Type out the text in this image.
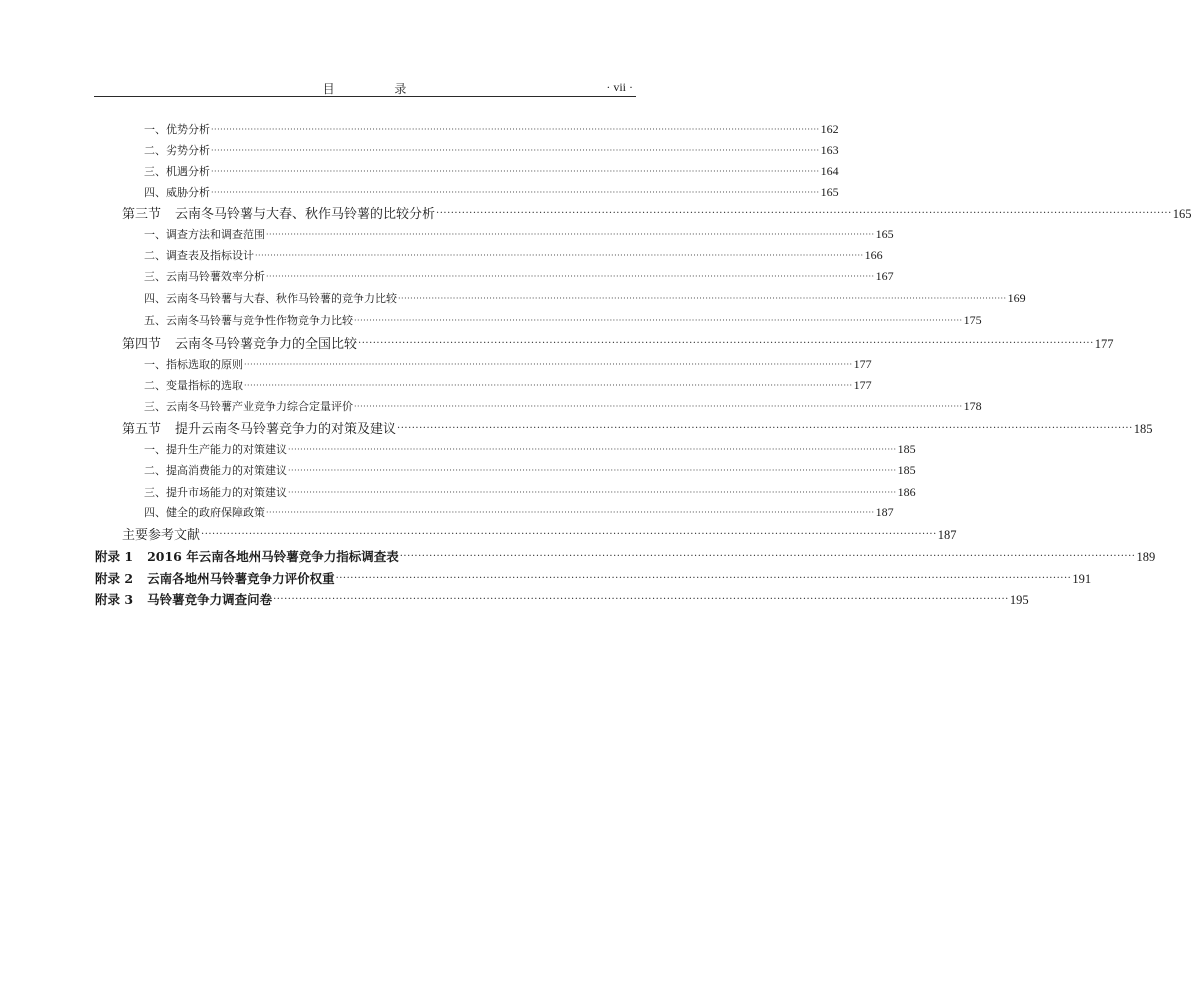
目 录	· vii ·
一、优势分析 ········································································································································································································ 162
二、劣势分析 ········································································································································································································ 163
三、机遇分析 ········································································································································································································ 164
四、威胁分析 ········································································································································································································ 165
第三节 云南冬马铃薯与大春、秋作马铃薯的比较分析 ········································································································································································································ 165
一、调查方法和调查范围 ········································································································································································································ 165
二、调查表及指标设计 ········································································································································································································ 166
三、云南马铃薯效率分析 ········································································································································································································ 167
四、云南冬马铃薯与大春、秋作马铃薯的竞争力比较 ········································································································································································································ 169
五、云南冬马铃薯与竞争性作物竞争力比较 ········································································································································································································ 175
第四节 云南冬马铃薯竞争力的全国比较 ········································································································································································································ 177
一、指标选取的原则 ········································································································································································································ 177
二、变量指标的选取 ········································································································································································································ 177
三、云南冬马铃薯产业竞争力综合定量评价 ········································································································································································································ 178
第五节 提升云南冬马铃薯竞争力的对策及建议 ········································································································································································································ 185
一、提升生产能力的对策建议 ········································································································································································································ 185
二、提高消费能力的对策建议 ········································································································································································································ 185
三、提升市场能力的对策建议 ········································································································································································································ 186
四、健全的政府保障政策 ········································································································································································································ 187
主要参考文献 ········································································································································································································ 187
附录 1 2016 年云南各地州马铃薯竞争力指标调查表 ········································································································································································································ 189
附录 2 云南各地州马铃薯竞争力评价权重 ········································································································································································································ 191
附录 3 马铃薯竞争力调查问卷 ········································································································································································································ 195
